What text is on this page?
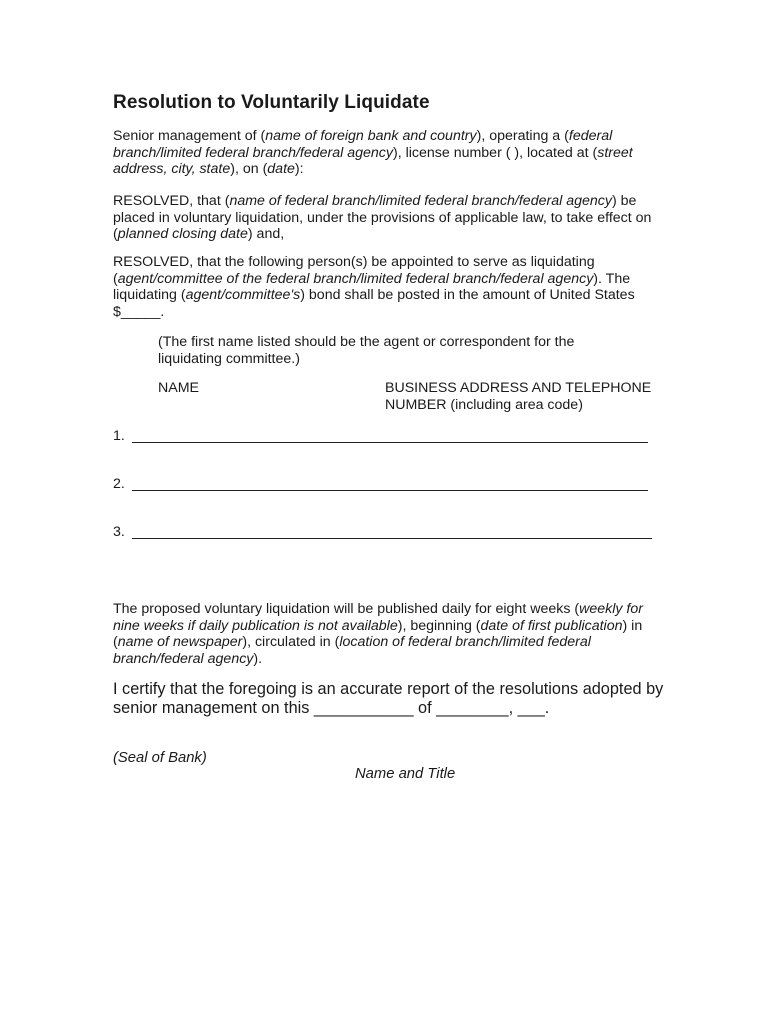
Resolution to Voluntarily Liquidate
Senior management of (name of foreign bank and country), operating a (federal branch/limited federal branch/federal agency), license number ( ), located at (street address, city, state), on (date):
RESOLVED, that (name of federal branch/limited federal branch/federal agency) be placed in voluntary liquidation, under the provisions of applicable law, to take effect on (planned closing date) and,
RESOLVED, that the following person(s) be appointed to serve as liquidating (agent/committee of the federal branch/limited federal branch/federal agency). The liquidating (agent/committee's) bond shall be posted in the amount of United States $_____.
(The first name listed should be the agent or correspondent for the liquidating committee.)
NAME	BUSINESS ADDRESS AND TELEPHONE NUMBER (including area code)
1.
2.
3.
The proposed voluntary liquidation will be published daily for eight weeks (weekly for nine weeks if daily publication is not available), beginning (date of first publication) in (name of newspaper), circulated in (location of federal branch/limited federal branch/federal agency).
I certify that the foregoing is an accurate report of the resolutions adopted by senior management on this ___________ of ________, ___.
(Seal of Bank)
Name and Title
